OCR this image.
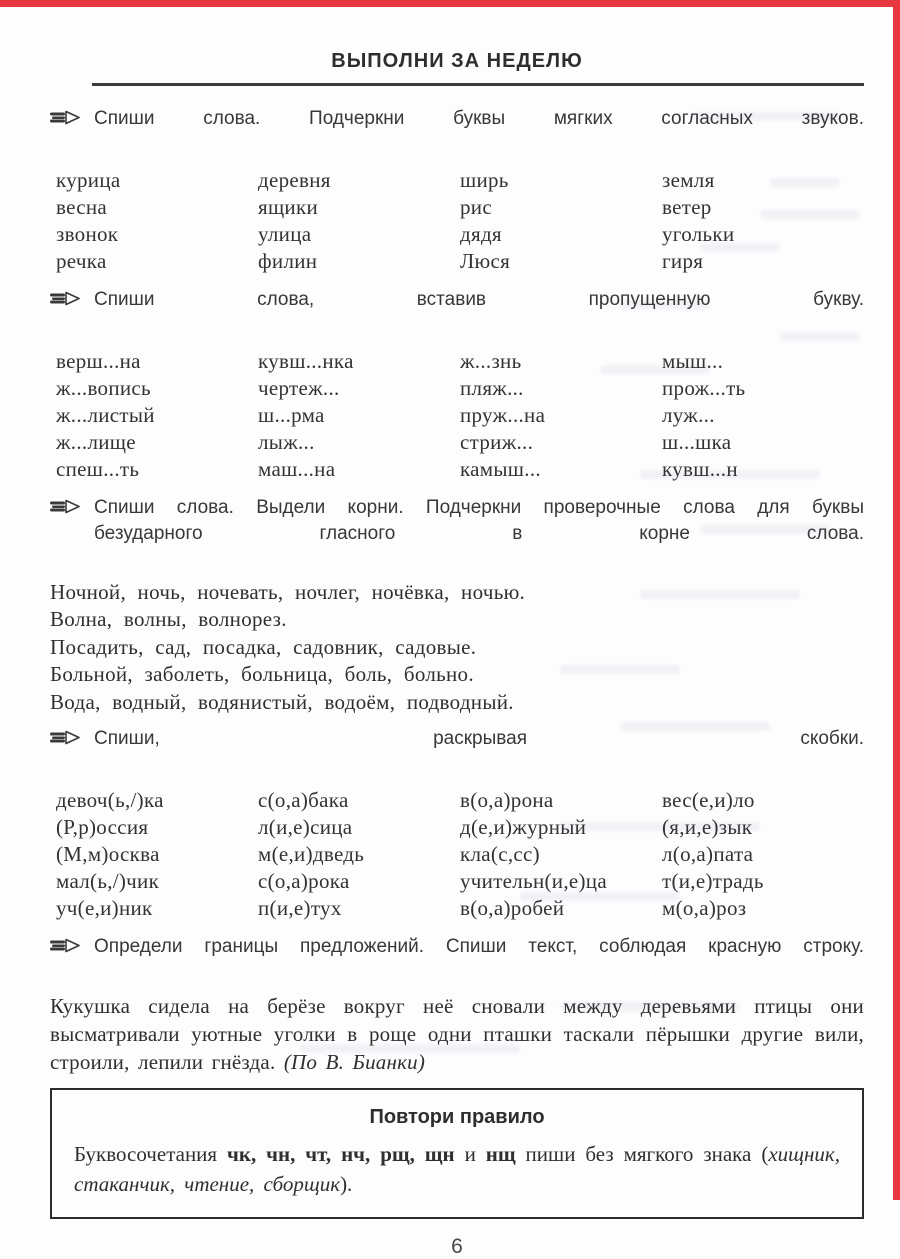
ВЫПОЛНИ ЗА НЕДЕЛЮ
Спиши слова. Подчеркни буквы мягких согласных звуков.
курица
весна
звонок
речка
деревня
ящики
улица
филин
ширь
рис
дядя
Люся
земля
ветер
угольки
гиря
Спиши слова, вставив пропущенную букву.
верш...на
ж...вопись
ж...листый
ж...лище
спеш...ть
кувш...нка
чертеж...
ш...рма
лыж...
маш...на
ж...знь
пляж...
пруж...на
стриж...
камыш...
мыш...
прож...ть
луж...
ш...шка
кувш...н
Спиши слова. Выдели корни. Подчеркни проверочные слова для буквы безударного гласного в корне слова.
Ночной, ночь, ночевать, ночлег, ночёвка, ночью.
Волна, волны, волнорез.
Посадить, сад, посадка, садовник, садовые.
Больной, заболеть, больница, боль, больно.
Вода, водный, водянистый, водоём, подводный.
Спиши, раскрывая скобки.
девоч(ь,/)ка
(Р,р)оссия
(М,м)осква
мал(ь,/)чик
уч(е,и)ник
с(о,а)бака
л(и,е)сица
м(е,и)дведь
с(о,а)рока
п(и,е)тух
в(о,а)рона
д(е,и)журный
кла(с,сс)
учительн(и,е)ца
в(о,а)робей
вес(е,и)ло
(я,и,е)зык
л(о,а)пата
т(и,е)традь
м(о,а)роз
Определи границы предложений. Спиши текст, соблюдая красную строку.

Кукушка сидела на берёзе вокруг неё сновали между деревьями птицы они высматривали уютные уголки в роще одни пташки таскали пёрышки другие вили, строили, лепили гнёзда. (По В. Бианки)

Повтори правило
Буквосочетания чк, чн, чт, нч, рщ, щн и нщ пиши без мягкого знака (хищник, стаканчик, чтение, сборщик).
6
